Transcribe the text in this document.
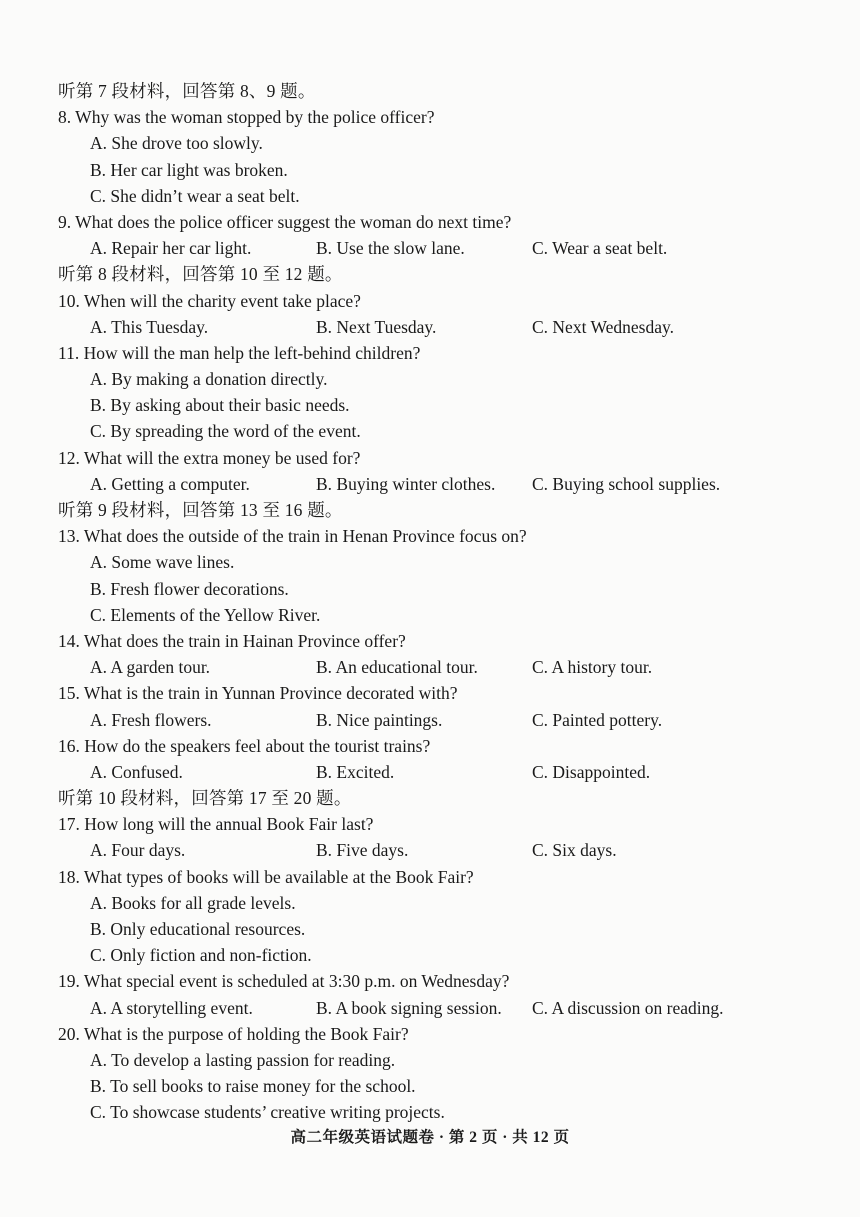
听第 7 段材料，回答第 8、9 题。
8. Why was the woman stopped by the police officer?
A. She drove too slowly.
B. Her car light was broken.
C. She didn’t wear a seat belt.
9. What does the police officer suggest the woman do next time?
A. Repair her car light.	B. Use the slow lane.	C. Wear a seat belt.
听第 8 段材料，回答第 10 至 12 题。
10. When will the charity event take place?
A. This Tuesday.	B. Next Tuesday.	C. Next Wednesday.
11. How will the man help the left-behind children?
A. By making a donation directly.
B. By asking about their basic needs.
C. By spreading the word of the event.
12. What will the extra money be used for?
A. Getting a computer.	B. Buying winter clothes.	C. Buying school supplies.
听第 9 段材料，回答第 13 至 16 题。
13. What does the outside of the train in Henan Province focus on?
A. Some wave lines.
B. Fresh flower decorations.
C. Elements of the Yellow River.
14. What does the train in Hainan Province offer?
A. A garden tour.	B. An educational tour.	C. A history tour.
15. What is the train in Yunnan Province decorated with?
A. Fresh flowers.	B. Nice paintings.	C. Painted pottery.
16. How do the speakers feel about the tourist trains?
A. Confused.	B. Excited.	C. Disappointed.
听第 10 段材料，回答第 17 至 20 题。
17. How long will the annual Book Fair last?
A. Four days.	B. Five days.	C. Six days.
18. What types of books will be available at the Book Fair?
A. Books for all grade levels.
B. Only educational resources.
C. Only fiction and non-fiction.
19. What special event is scheduled at 3:30 p.m. on Wednesday?
A. A storytelling event.	B. A book signing session.	C. A discussion on reading.
20. What is the purpose of holding the Book Fair?
A. To develop a lasting passion for reading.
B. To sell books to raise money for the school.
C. To showcase students’ creative writing projects.
高二年级英语试题卷 · 第 2 页 · 共 12 页
